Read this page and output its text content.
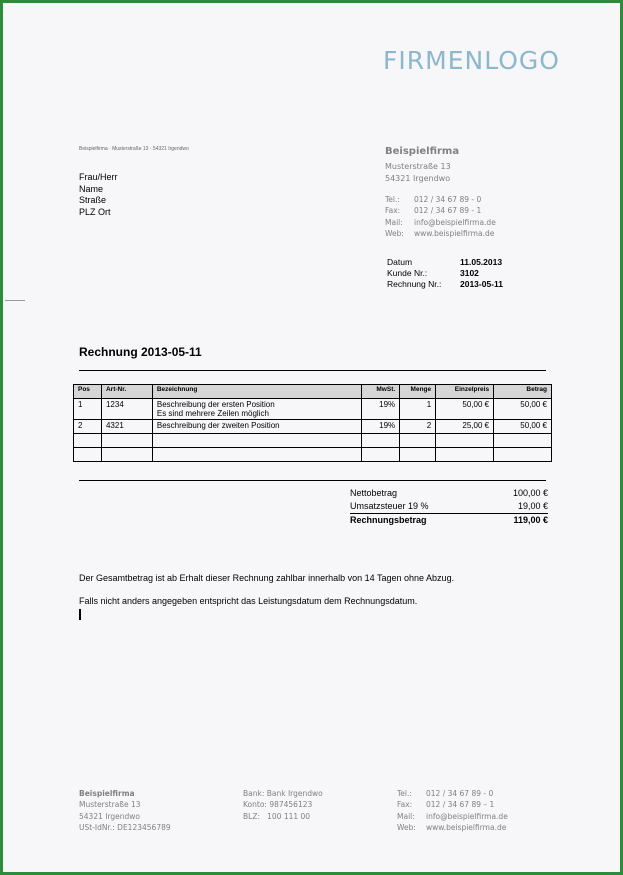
FIRMENLOGO
Beispielfirma · Musterstraße 13 · 54321 Irgendwo
Frau/Herr
Name
Straße
PLZ Ort
Beispielfirma
Musterstraße 13
54321 Irgendwo
Tel.:	012 / 34 67 89 - 0
Fax:	012 / 34 67 89 - 1
Mail:	info@beispielfirma.de
Web:	www.beispielfirma.de
Datum	11.05.2013
Kunde Nr.:	3102
Rechnung Nr.:	2013-05-11
Rechnung 2013-05-11
Pos	Art-Nr.	Bezeichnung	MwSt.	Menge	Einzelpreis	Betrag
1	1234	Beschreibung der ersten Position
Es sind mehrere Zeilen möglich	19%	1	50,00 €	50,00 €
2	4321	Beschreibung der zweiten Position	19%	2	25,00 €	50,00 €

Nettobetrag	100,00 €
Umsatzsteuer 19 %	19,00 €
Rechnungsbetrag	119,00 €
Der Gesamtbetrag ist ab Erhalt dieser Rechnung zahlbar innerhalb von 14 Tagen ohne Abzug.
Falls nicht anders angegeben entspricht das Leistungsdatum dem Rechnungsdatum.
Beispielfirma
Musterstraße 13
54321 Irgendwo
USt-IdNr.: DE123456789
Bank: Bank Irgendwo
Konto: 987456123
BLZ:   100 111 00
Tel.:	012 / 34 67 89 - 0
Fax:	012 / 34 67 89 – 1
Mail:	info@beispielfirma.de
Web:	www.beispielfirma.de
